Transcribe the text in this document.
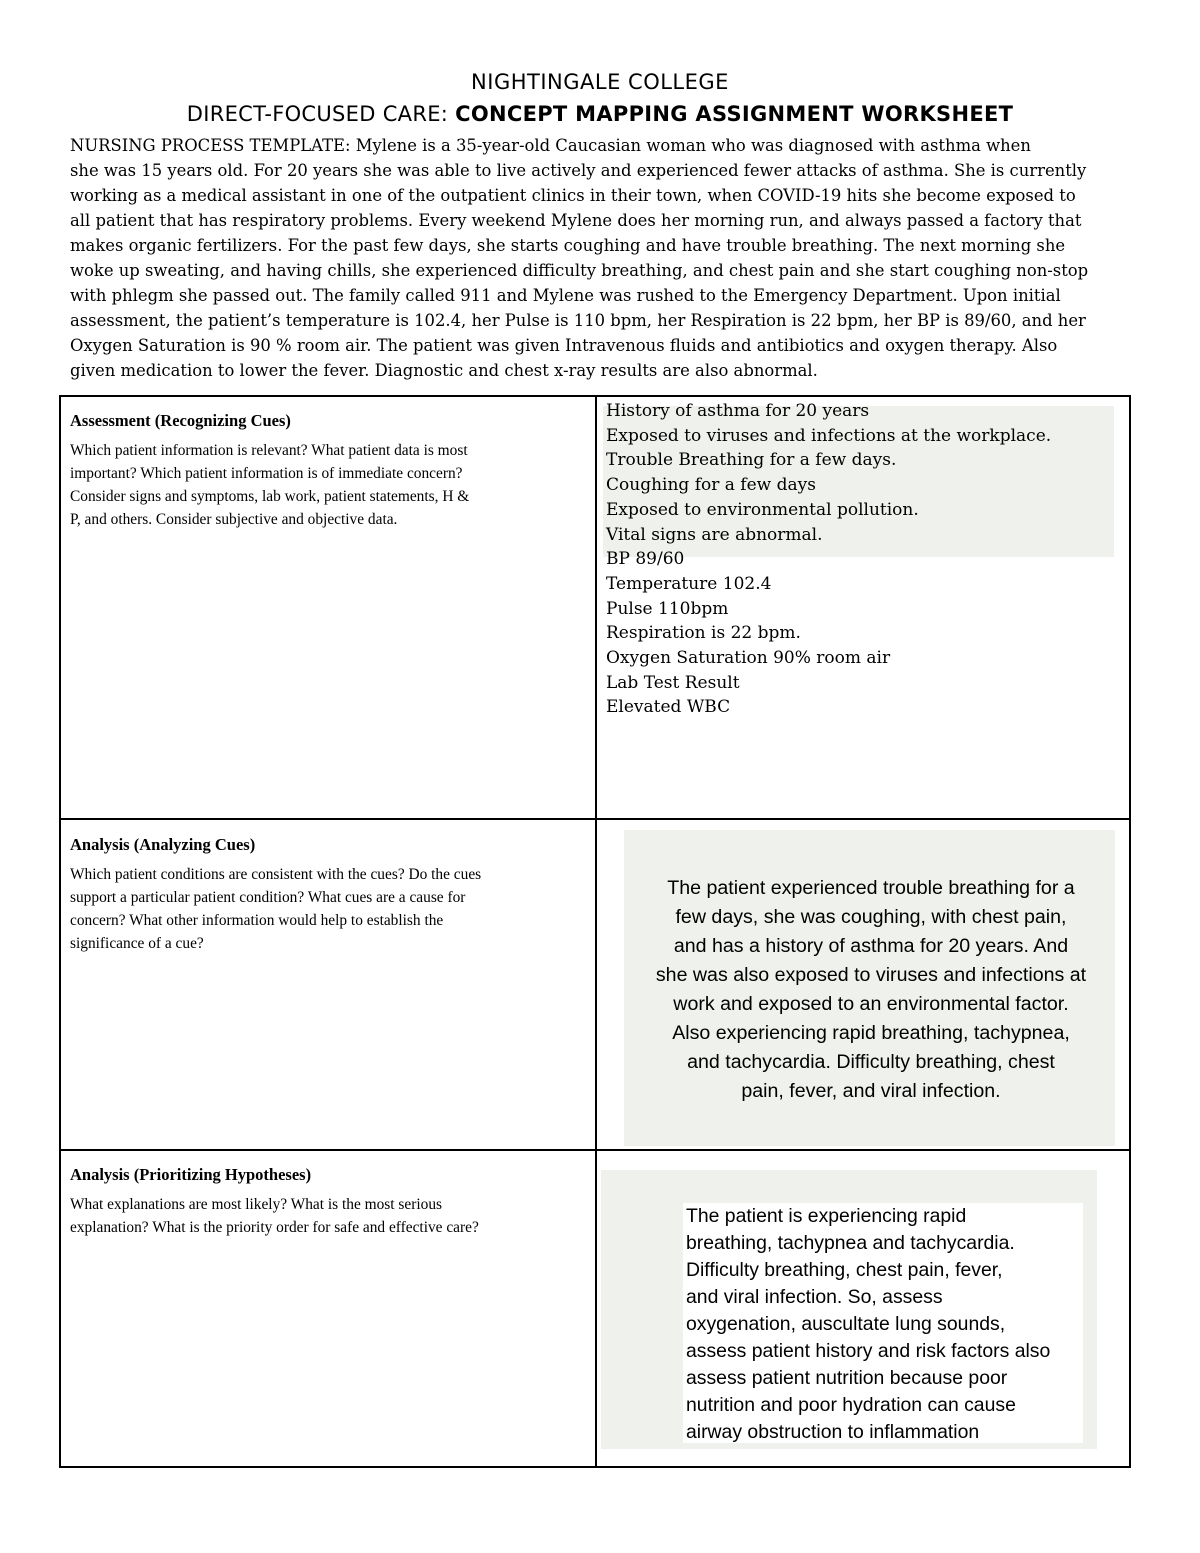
NIGHTINGALE COLLEGE
DIRECT-FOCUSED CARE: CONCEPT MAPPING ASSIGNMENT WORKSHEET
NURSING PROCESS TEMPLATE: Mylene is a 35-year-old Caucasian woman who was diagnosed with asthma when
she was 15 years old. For 20 years she was able to live actively and experienced fewer attacks of asthma. She is currently
working as a medical assistant in one of the outpatient clinics in their town, when COVID-19 hits she become exposed to
all patient that has respiratory problems. Every weekend Mylene does her morning run, and always passed a factory that
makes organic fertilizers. For the past few days, she starts coughing and have trouble breathing. The next morning she
woke up sweating, and having chills, she experienced difficulty breathing, and chest pain and she start coughing non-stop
with phlegm she passed out. The family called 911 and Mylene was rushed to the Emergency Department. Upon initial
assessment, the patient’s temperature is 102.4, her Pulse is 110 bpm, her Respiration is 22 bpm, her BP is 89/60, and her
Oxygen Saturation is 90 % room air. The patient was given Intravenous fluids and antibiotics and oxygen therapy. Also
given medication to lower the fever. Diagnostic and chest x-ray results are also abnormal.
Assessment (Recognizing Cues)
Which patient information is relevant? What patient data is most
important? Which patient information is of immediate concern?
Consider signs and symptoms, lab work, patient statements, H &
P, and others. Consider subjective and objective data.
History of asthma for 20 years
Exposed to viruses and infections at the workplace.
Trouble Breathing for a few days.
Coughing for a few days
Exposed to environmental pollution.
Vital signs are abnormal.
BP 89/60
Temperature 102.4
Pulse 110bpm
Respiration is 22 bpm.
Oxygen Saturation 90% room air
Lab Test Result
Elevated WBC
Analysis (Analyzing Cues)
Which patient conditions are consistent with the cues? Do the cues
support a particular patient condition? What cues are a cause for
concern? What other information would help to establish the
significance of a cue?
The patient experienced trouble breathing for a
few days, she was coughing, with chest pain,
and has a history of asthma for 20 years. And
she was also exposed to viruses and infections at
work and exposed to an environmental factor.
Also experiencing rapid breathing, tachypnea,
and tachycardia. Difficulty breathing, chest
pain, fever, and viral infection.
Analysis (Prioritizing Hypotheses)
What explanations are most likely? What is the most serious
explanation? What is the priority order for safe and effective care?
The patient is experiencing rapid
breathing, tachypnea and tachycardia.
Difficulty breathing, chest pain, fever,
and viral infection. So, assess
oxygenation, auscultate lung sounds,
assess patient history and risk factors also
assess patient nutrition because poor
nutrition and poor hydration can cause
airway obstruction to inflammation
